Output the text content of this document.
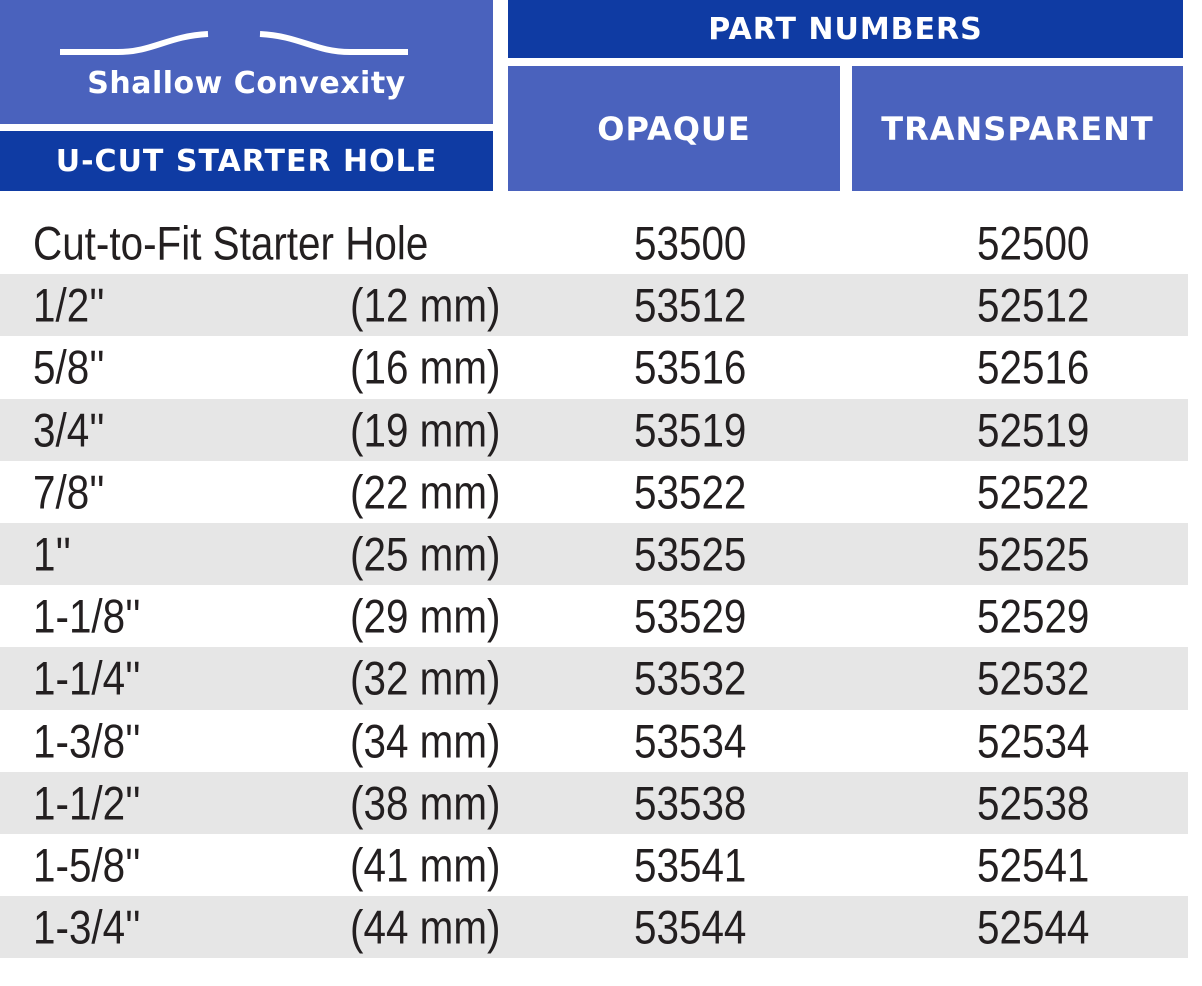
Shallow Convexity
U-CUT STARTER HOLE
PART NUMBERS
OPAQUE	TRANSPARENT
Cut-to-Fit Starter Hole	53500	52500
1/2''	(12 mm)	53512	52512
5/8''	(16 mm)	53516	52516
3/4''	(19 mm)	53519	52519
7/8''	(22 mm)	53522	52522
1''	(25 mm)	53525	52525
1-1/8''	(29 mm)	53529	52529
1-1/4''	(32 mm)	53532	52532
1-3/8''	(34 mm)	53534	52534
1-1/2''	(38 mm)	53538	52538
1-5/8''	(41 mm)	53541	52541
1-3/4''	(44 mm)	53544	52544
